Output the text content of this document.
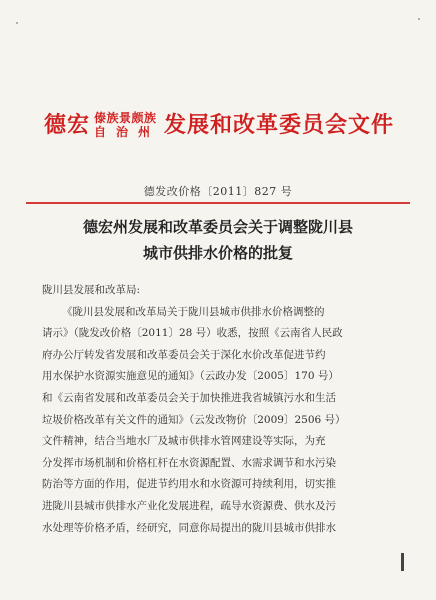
德宏 傣族景颇族
自治州 发展和改革委员会文件
德发改价格〔2011〕827 号
德宏州发展和改革委员会关于调整陇川县
城市供排水价格的批复
陇川县发展和改革局:
《陇川县发展和改革局关于陇川县城市供排水价格调整的
请示》（陇发改价格〔2011〕28 号）收悉，按照《云南省人民政
府办公厅转发省发展和改革委员会关于深化水价改革促进节约
用水保护水资源实施意见的通知》（云政办发〔2005〕170 号）
和《云南省发展和改革委员会关于加快推进我省城镇污水和生活
垃圾价格改革有关文件的通知》（云发改物价〔2009〕2506 号）
文件精神，结合当地水厂及城市供排水管网建设等实际，为充
分发挥市场机制和价格杠杆在水资源配置、水需求调节和水污染
防治等方面的作用，促进节约用水和水资源可持续利用，切实推
进陇川县城市供排水产业化发展进程，疏导水资源费、供水及污
水处理等价格矛盾，经研究，同意你局提出的陇川县城市供排水
